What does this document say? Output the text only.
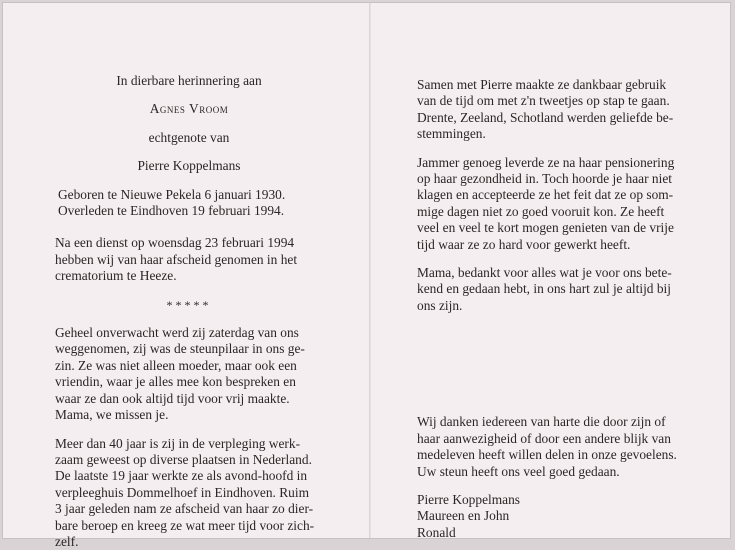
In dierbare herinnering aan

Agnes Vroom

echtgenote van

Pierre Koppelmans

Geboren te Nieuwe Pekela 6 januari 1930.

Overleden te Eindhoven 19 februari 1994.

Na een dienst op woensdag 23 februari 1994

hebben wij van haar afscheid genomen in het

crematorium te Heeze.

*****

Geheel onverwacht werd zij zaterdag van ons

weggenomen, zij was de steunpilaar in ons ge-

zin. Ze was niet alleen moeder, maar ook een

vriendin, waar je alles mee kon bespreken en

waar ze dan ook altijd tijd voor vrij maakte.

Mama, we missen je.

Meer dan 40 jaar is zij in de verpleging werk-

zaam geweest op diverse plaatsen in Nederland.

De laatste 19 jaar werkte ze als avond-hoofd in

verpleeghuis Dommelhoef in Eindhoven. Ruim

3 jaar geleden nam ze afscheid van haar zo dier-

bare beroep en kreeg ze wat meer tijd voor zich-

zelf.

Samen met Pierre maakte ze dankbaar gebruik

van de tijd om met z'n tweetjes op stap te gaan.

Drente, Zeeland, Schotland werden geliefde be-

stemmingen.

Jammer genoeg leverde ze na haar pensionering

op haar gezondheid in. Toch hoorde je haar niet

klagen en accepteerde ze het feit dat ze op som-

mige dagen niet zo goed vooruit kon. Ze heeft

veel en veel te kort mogen genieten van de vrije

tijd waar ze zo hard voor gewerkt heeft.

Mama, bedankt voor alles wat je voor ons bete-

kend en gedaan hebt, in ons hart zul je altijd bij

ons zijn.

Wij danken iedereen van harte die door zijn of

haar aanwezigheid of door een andere blijk van

medeleven heeft willen delen in onze gevoelens.

Uw steun heeft ons veel goed gedaan.

Pierre Koppelmans

Maureen en John

Ronald
